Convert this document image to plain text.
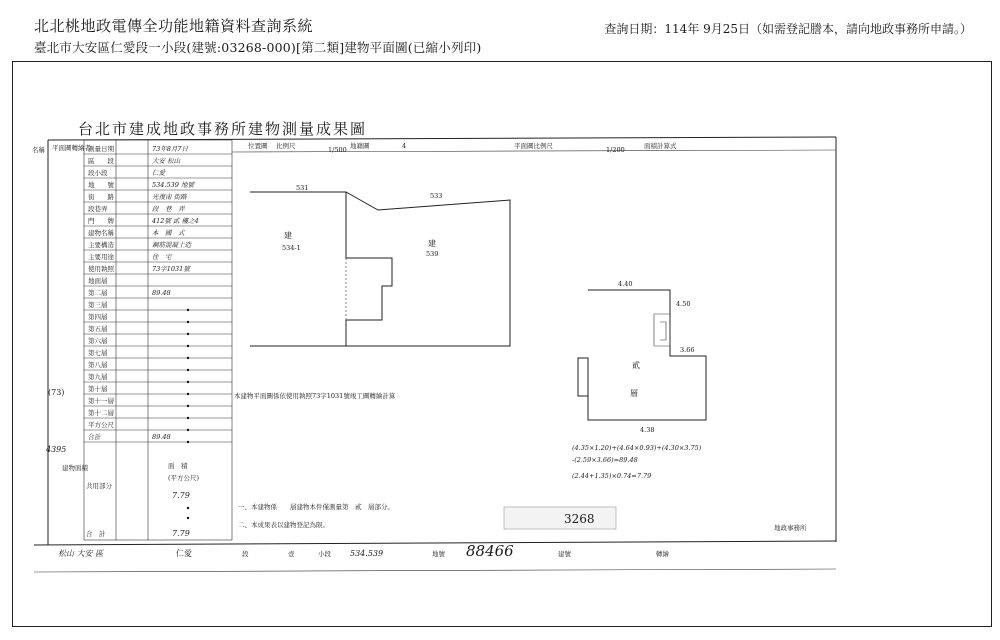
北北桃地政電傳全功能地籍資料查詢系統
臺北市大安區仁愛段一小段(建號:03268-000)[第二類]建物平面圖(已縮小列印)
查詢日期：114年 9月25日（如需登記謄本，請向地政事務所申請。）
台北市建成地政事務所建物測量成果圖
名稱	測量日期	73年8月7日
區　　段	大安 松山
段小段	仁愛
地　　號	534.539 地號
街　　路	光復南 街路
段巷弄	段　巷　弄
門　　牌	412號 貳 樓之4
建物名稱	本　國　式
主要構造	鋼筋混凝土造
主要用途	住　宅
使用執照	73字1031號
地面層
第二層	89.48
第三層
第四層
第五層
第六層
第七層
第八層
第九層
第十層
第十一層
第十二層
平方公尺
合計	89.48
平面圖轉繪者
(73)
4395
建物面積
(平方公尺)
面　積
共用部分
7.79
合　計	7.79
位置圖 比例尺	1/500 地籍圖	4	平面圖比例尺	1/200	面積計算式
531
533
建
534-1	建
539
本建物平面圖係依使用執照73字1031號竣工圖轉繪計算
4.40
4.50
3.66
4.38
貳
層
(4.35×1.20)+(4.64×0.93)+(4.30×3.75)
-(2.59×3.66)=89.48
(2.44+1.35)×0.74=7.79
一、本建物係　　層建物本件僅測量第　貳　層部分。
二、本成果表以建物登記為限。	3268
地政事務所
松山 大安 區	仁愛	段	壹	小段 534.539	地號 88466	建號	轉繪
